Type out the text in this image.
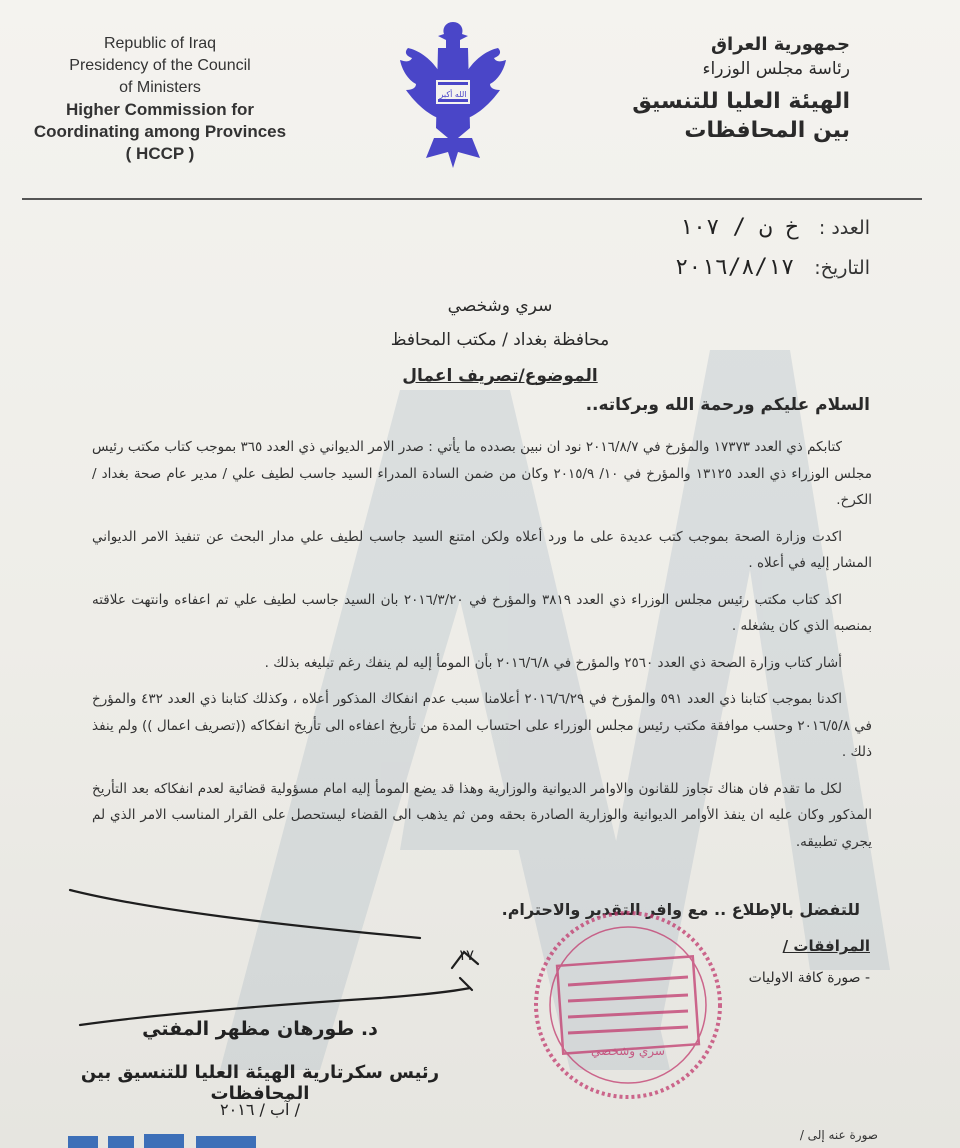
Republic of Iraq
Presidency of the Council
of Ministers
Higher Commission for
Coordinating among Provinces
( HCCP )
الله أكبر
جمهورية العراق
رئاسة مجلس الوزراء
الهيئة العليا للتنسيق
بين المحافظات
العدد : خ ن / ١٠٧
التاريخ: ٢٠١٦/٨/١٧
سري وشخصي
محافظة بغداد / مكتب المحافظ
الموضوع/تصريف اعمال
السلام عليكم ورحمة الله وبركاته..

كتابكم ذي العدد ١٧٣٧٣ والمؤرخ في ٢٠١٦/٨/٧ نود ان نبين بصدده ما يأتي : صدر الامر الديواني ذي العدد ٣٦٥ بموجب كتاب مكتب رئيس مجلس الوزراء ذي العدد ١٣١٢٥ والمؤرخ في ١٠/ ٢٠١٥/٩ وكان من ضمن السادة المدراء السيد جاسب لطيف علي / مدير عام صحة بغداد / الكرخ.

اكدت وزارة الصحة بموجب كتب عديدة على ما ورد أعلاه ولكن امتنع السيد جاسب لطيف علي مدار البحث عن تنفيذ الامر الديواني المشار إليه في أعلاه .

اكد كتاب مكتب رئيس مجلس الوزراء ذي العدد ٣٨١٩ والمؤرخ في ٢٠١٦/٣/٢٠ بان السيد جاسب لطيف علي تم اعفاءه وانتهت علاقته بمنصبه الذي كان يشغله .

أشار كتاب وزارة الصحة ذي العدد ٢٥٦٠ والمؤرخ في ٢٠١٦/٦/٨ بأن المومأ إليه لم ينفك رغم تبليغه بذلك .

اكدنا بموجب كتابنا ذي العدد ٥٩١ والمؤرخ في ٢٠١٦/٦/٢٩ أعلامنا سبب عدم انفكاك المذكور أعلاه ، وكذلك كتابنا ذي العدد ٤٣٢ والمؤرخ في ٢٠١٦/٥/٨ وحسب موافقة مكتب رئيس مجلس الوزراء على احتساب المدة من تأريخ اعفاءه الى تأريخ انفكاكه ((تصريف اعمال )) ولم ينفذ ذلك .

لكل ما تقدم فان هناك تجاوز للقانون والاوامر الديوانية والوزارية وهذا قد يضع المومأ إليه امام مسؤولية قضائية لعدم انفكاكه بعد التأريخ المذكور وكان عليه ان ينفذ الأوامر الديوانية والوزارية الصادرة بحقه ومن ثم يذهب الى القضاء ليستحصل على القرار المناسب الامر الذي لم يجري تطبيقه.

للتفضل بالإطلاع .. مع وافر التقدير والاحترام.
المرافقات /
- صورة كافة الاوليات
١٧
د. طورهان مظهر المفتي
رئيس سكرتارية الهيئة العليا للتنسيق بين المحافظات
/ آب / ٢٠١٦
سري وشخصي
صورة عنه إلى /
